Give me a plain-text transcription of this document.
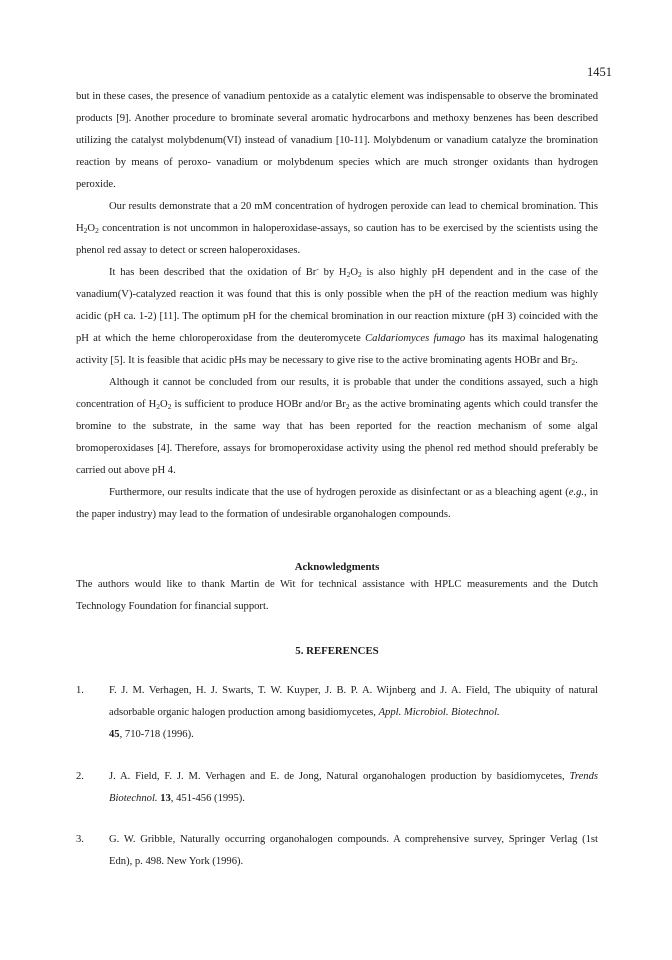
1451

but in these cases, the presence of vanadium pentoxide as a catalytic element was indispensable to observe the brominated products [9]. Another procedure to brominate several aromatic hydrocarbons and methoxy benzenes has been described utilizing the catalyst molybdenum(VI) instead of vanadium [10-11]. Molybdenum or vanadium catalyze the bromination reaction by means of peroxo- vanadium or molybdenum species which are much stronger oxidants than hydrogen peroxide.

Our results demonstrate that a 20 mM concentration of hydrogen peroxide can lead to chemical bromination. This $H_2O_2$ concentration is not uncommon in haloperoxidase-assays, so caution has to be exercised by the scientists using the phenol red assay to detect or screen haloperoxidases.

It has been described that the oxidation of Br- by $H_2O_2$ is also highly pH dependent and in the case of the vanadium(V)-catalyzed reaction it was found that this is only possible when the pH of the reaction medium was highly acidic (pH ca. 1-2) [11]. The optimum pH for the chemical bromination in our reaction mixture (pH 3) coincided with the pH at which the heme chloroperoxidase from the deuteromycete Caldariomyces fumago has its maximal halogenating activity [5]. It is feasible that acidic pHs may be necessary to give rise to the active brominating agents HOBr and $Br_2$.

Although it cannot be concluded from our results, it is probable that under the conditions assayed, such a high concentration of $H_2O_2$ is sufficient to produce HOBr and/or $Br_2$ as the active brominating agents which could transfer the bromine to the substrate, in the same way that has been reported for the reaction mechanism of some algal bromoperoxidases [4]. Therefore, assays for bromoperoxidase activity using the phenol red method should preferably be carried out above pH 4.

Furthermore, our results indicate that the use of hydrogen peroxide as disinfectant or as a bleaching agent (e.g., in the paper industry) may lead to the formation of undesirable organohalogen compounds.

Acknowledgments

The authors would like to thank Martin de Wit for technical assistance with HPLC measurements and the Dutch Technology Foundation for financial support.

5. REFERENCES
1.	F. J. M. Verhagen, H. J. Swarts, T. W. Kuyper, J. B. P. A. Wijnberg and J. A. Field, The ubiquity of natural adsorbable organic halogen production among basidiomycetes, Appl. Microbiol. Biotechnol.
45, 710-718 (1996).
2.	J. A. Field, F. J. M. Verhagen and E. de Jong, Natural organohalogen production by basidiomycetes, Trends Biotechnol. 13, 451-456 (1995).
3.	G. W. Gribble, Naturally occurring organohalogen compounds. A comprehensive survey, Springer Verlag (1st Edn), p. 498. New York (1996).
